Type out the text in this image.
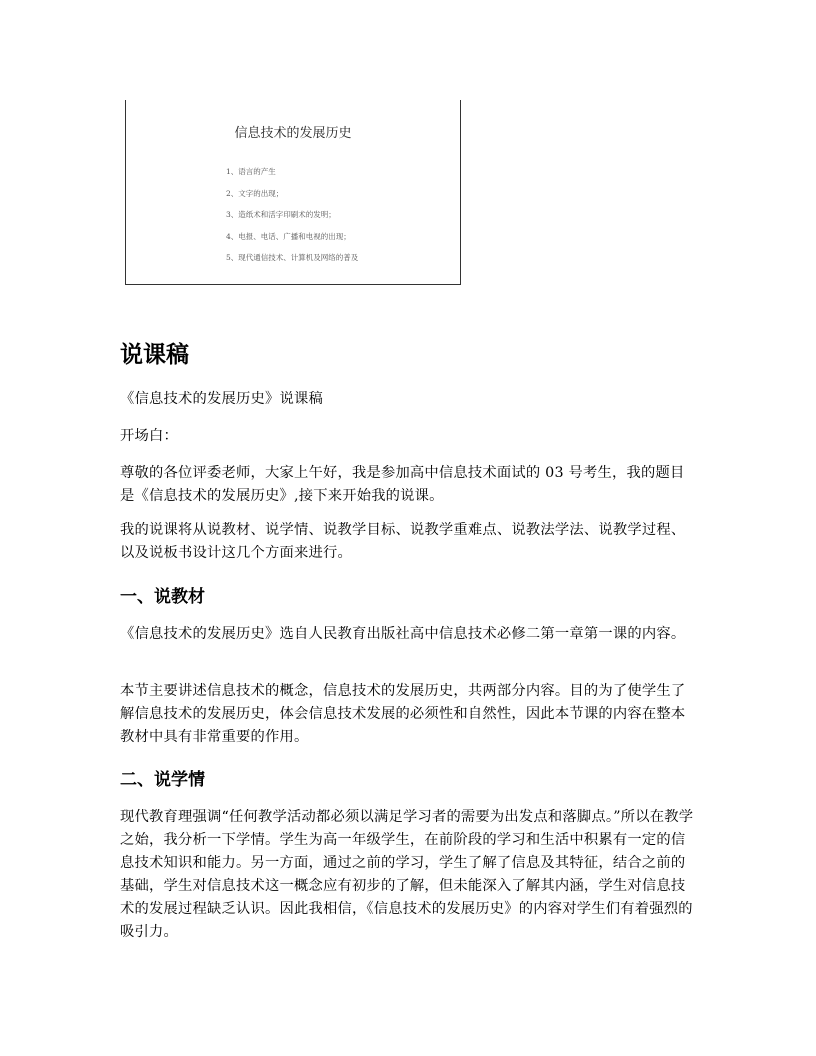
信息技术的发展历史
1、语言的产生
2、文字的出现；
3、造纸术和活字印刷术的发明；
4、电报、电话、广播和电视的出现；
5、现代通信技术、计算机及网络的普及
说课稿

《信息技术的发展历史》说课稿

开场白：

尊敬的各位评委老师，大家上午好，我是参加高中信息技术面试的 03 号考生，我的题目是《信息技术的发展历史》,接下来开始我的说课。

我的说课将从说教材、说学情、说教学目标、说教学重难点、说教法学法、说教学过程、以及说板书设计这几个方面来进行。

一、说教材

《信息技术的发展历史》选自人民教育出版社高中信息技术必修二第一章第一课的内容。

本节主要讲述信息技术的概念，信息技术的发展历史，共两部分内容。目的为了使学生了解信息技术的发展历史，体会信息技术发展的必须性和自然性，因此本节课的内容在整本教材中具有非常重要的作用。

二、说学情

现代教育理强调“任何教学活动都必须以满足学习者的需要为出发点和落脚点。”所以在教学之始，我分析一下学情。学生为高一年级学生，在前阶段的学习和生活中积累有一定的信息技术知识和能力。另一方面，通过之前的学习，学生了解了信息及其特征，结合之前的基础，学生对信息技术这一概念应有初步的了解，但未能深入了解其内涵，学生对信息技术的发展过程缺乏认识。因此我相信，《信息技术的发展历史》的内容对学生们有着强烈的吸引力。
